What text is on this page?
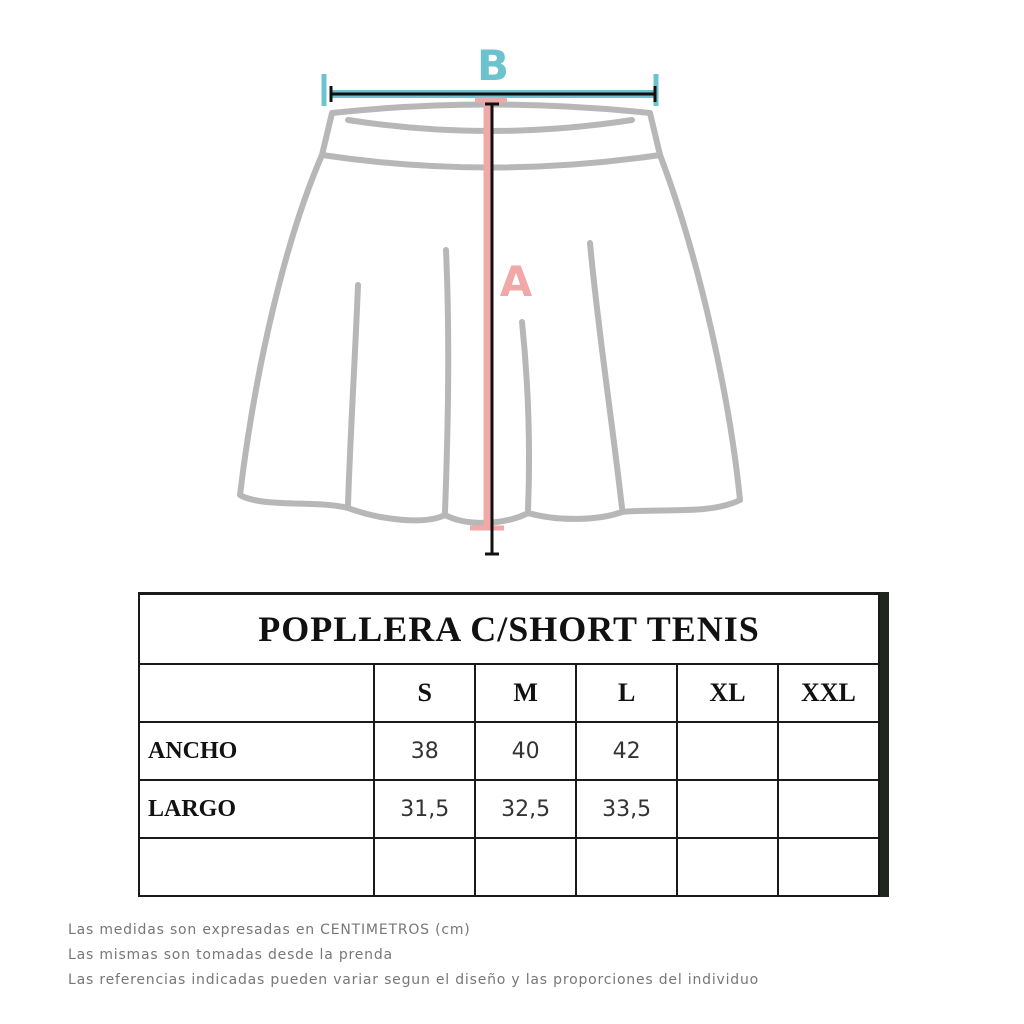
B
A
POPLLERA C/SHORT TENIS					
	S	M	L	XL	XXL
ANCHO	38	40	42		
LARGO	31,5	32,5	33,5		

Las medidas son expresadas en CENTIMETROS (cm)
Las mismas son tomadas desde la prenda
Las referencias indicadas pueden variar segun el diseño y las proporciones del individuo
